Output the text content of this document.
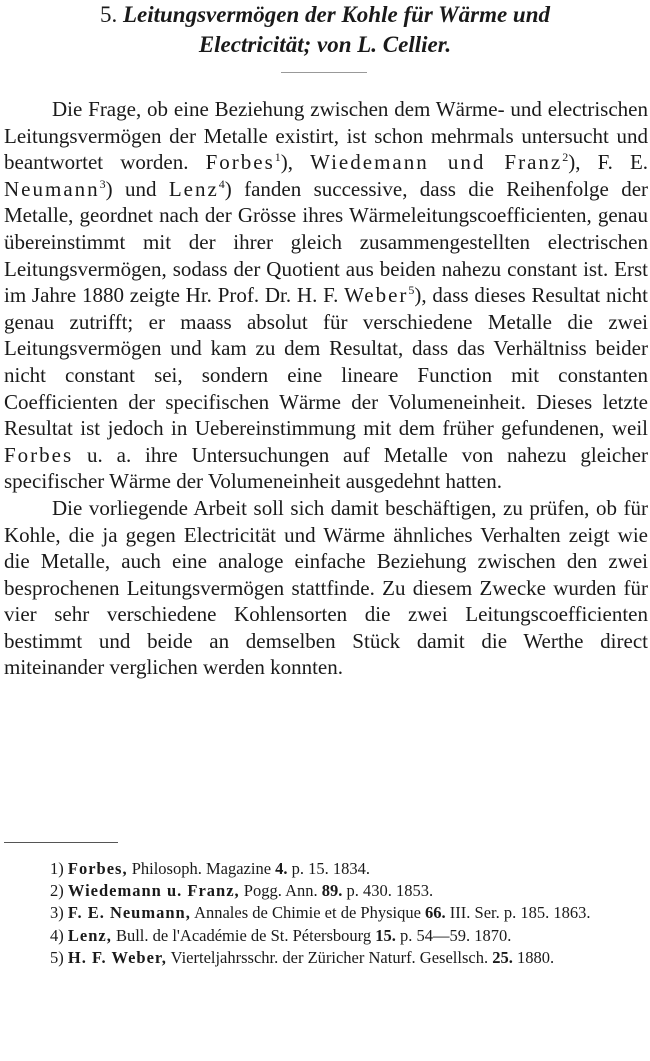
5. Leitungsvermögen der Kohle für Wärme und
Electricität; von L. Cellier.

Die Frage, ob eine Beziehung zwischen dem Wärme- und electrischen Leitungsvermögen der Metalle existirt, ist schon mehrmals untersucht und beantwortet worden. Forbes$^1$), Wiedemann und Franz$^2$), F. E. Neumann$^3$) und Lenz$^4$) fanden successive, dass die Reihenfolge der Metalle, geordnet nach der Grösse ihres Wärmeleitungscoefficienten, genau übereinstimmt mit der ihrer gleich zusammengestellten electrischen Leitungsvermögen, sodass der Quotient aus beiden nahezu constant ist. Erst im Jahre 1880 zeigte Hr. Prof. Dr. H. F. Weber$^5$), dass dieses Resultat nicht genau zutrifft; er maass absolut für verschiedene Metalle die zwei Leitungsvermögen und kam zu dem Resultat, dass das Verhältniss beider nicht constant sei, sondern eine lineare Function mit constanten Coefficienten der specifischen Wärme der Volumeneinheit. Dieses letzte Resultat ist jedoch in Uebereinstimmung mit dem früher gefundenen, weil Forbes u. a. ihre Untersuchungen auf Metalle von nahezu gleicher specifischer Wärme der Volumeneinheit ausgedehnt hatten.

Die vorliegende Arbeit soll sich damit beschäftigen, zu prüfen, ob für Kohle, die ja gegen Electricität und Wärme ähnliches Verhalten zeigt wie die Metalle, auch eine analoge einfache Beziehung zwischen den zwei besprochenen Leitungsvermögen stattfinde. Zu diesem Zwecke wurden für vier sehr verschiedene Kohlensorten die zwei Leitungscoefficienten bestimmt und beide an demselben Stück damit die Werthe direct miteinander verglichen werden konnten.

1) Forbes, Philosoph. Magazine 4. p. 15. 1834.
2) Wiedemann u. Franz, Pogg. Ann. 89. p. 430. 1853.
3) F. E. Neumann, Annales de Chimie et de Physique 66. III. Ser. p. 185. 1863.
4) Lenz, Bull. de l'Académie de St. Pétersbourg 15. p. 54—59. 1870.
5) H. F. Weber, Vierteljahrsschr. der Züricher Naturf. Gesellsch. 25. 1880.
